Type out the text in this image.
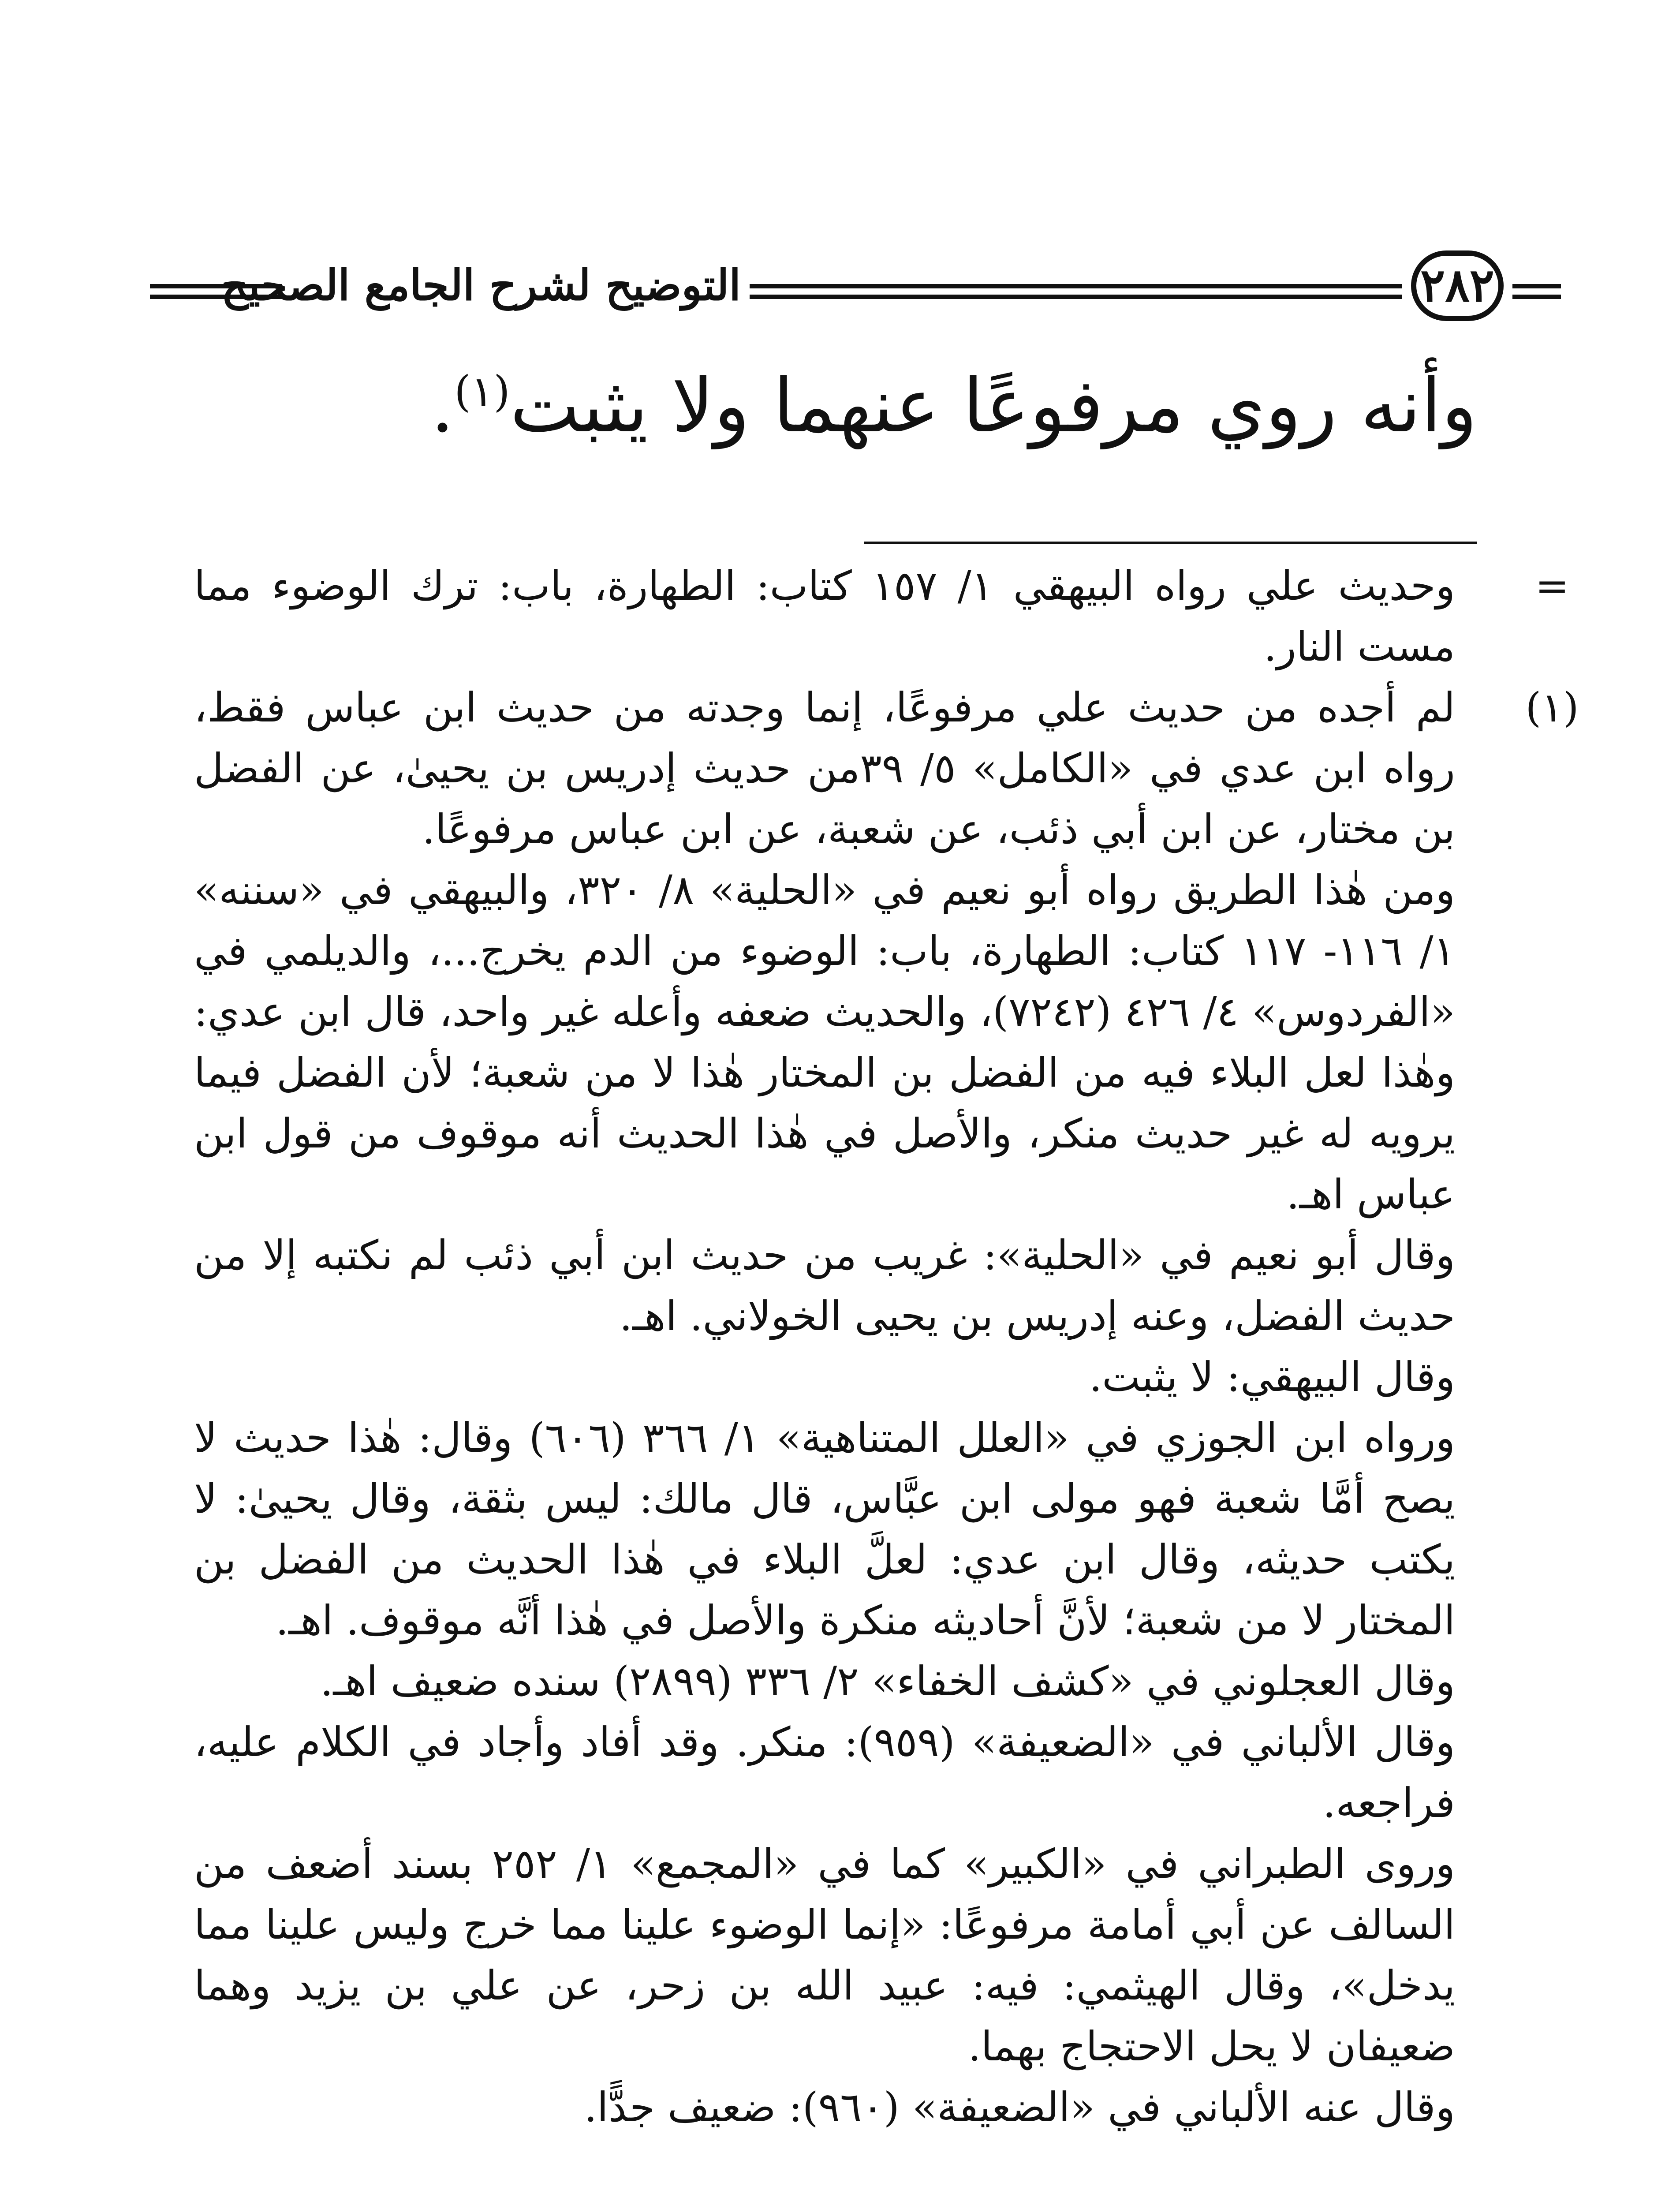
التوضيح لشرح الجامع الصحيح	٢٨٢
وأنه روي مرفوعًا عنهما ولا يثبت$^{(١)}$.
=

وحديث علي رواه البيهقي ١/ ١٥٧ كتاب: الطهارة، باب: ترك الوضوء مما مست النار.

(١)

لم أجده من حديث علي مرفوعًا، إنما وجدته من حديث ابن عباس فقط، رواه ابن عدي في «الكامل» ٥/ ٣٩من حديث إدريس بن يحيىٰ، عن الفضل بن مختار، عن ابن أبي ذئب، عن شعبة، عن ابن عباس مرفوعًا.

ومن هٰذا الطريق رواه أبو نعيم في «الحلية» ٨/ ٣٢٠، والبيهقي في «سننه» ١/ ١١٦- ١١٧ كتاب: الطهارة، باب: الوضوء من الدم يخرج...، والديلمي في «الفردوس» ٤/ ٤٢٦ (٧٢٤٢)، والحديث ضعفه وأعله غير واحد، قال ابن عدي: وهٰذا لعل البلاء فيه من الفضل بن المختار هٰذا لا من شعبة؛ لأن الفضل فيما يرويه له غير حديث منكر، والأصل في هٰذا الحديث أنه موقوف من قول ابن عباس اهـ.

وقال أبو نعيم في «الحلية»: غريب من حديث ابن أبي ذئب لم نكتبه إلا من حديث الفضل، وعنه إدريس بن يحيى الخولاني. اهـ.

وقال البيهقي: لا يثبت.

ورواه ابن الجوزي في «العلل المتناهية» ١/ ٣٦٦ (٦٠٦) وقال: هٰذا حديث لا يصح أمَّا شعبة فهو مولى ابن عبَّاس، قال مالك: ليس بثقة، وقال يحيىٰ: لا يكتب حديثه، وقال ابن عدي: لعلَّ البلاء في هٰذا الحديث من الفضل بن المختار لا من شعبة؛ لأنَّ أحاديثه منكرة والأصل في هٰذا أنَّه موقوف. اهـ.

وقال العجلوني في «كشف الخفاء» ٢/ ٣٣٦ (٢٨٩٩) سنده ضعيف اهـ.

وقال الألباني في «الضعيفة» (٩٥٩): منكر. وقد أفاد وأجاد في الكلام عليه، فراجعه.

وروى الطبراني في «الكبير» كما في «المجمع» ١/ ٢٥٢ بسند أضعف من السالف عن أبي أمامة مرفوعًا: «إنما الوضوء علينا مما خرج وليس علينا مما يدخل»، وقال الهيثمي: فيه: عبيد الله بن زحر، عن علي بن يزيد وهما ضعيفان لا يحل الاحتجاج بهما.

وقال عنه الألباني في «الضعيفة» (٩٦٠): ضعيف جدًّا.
